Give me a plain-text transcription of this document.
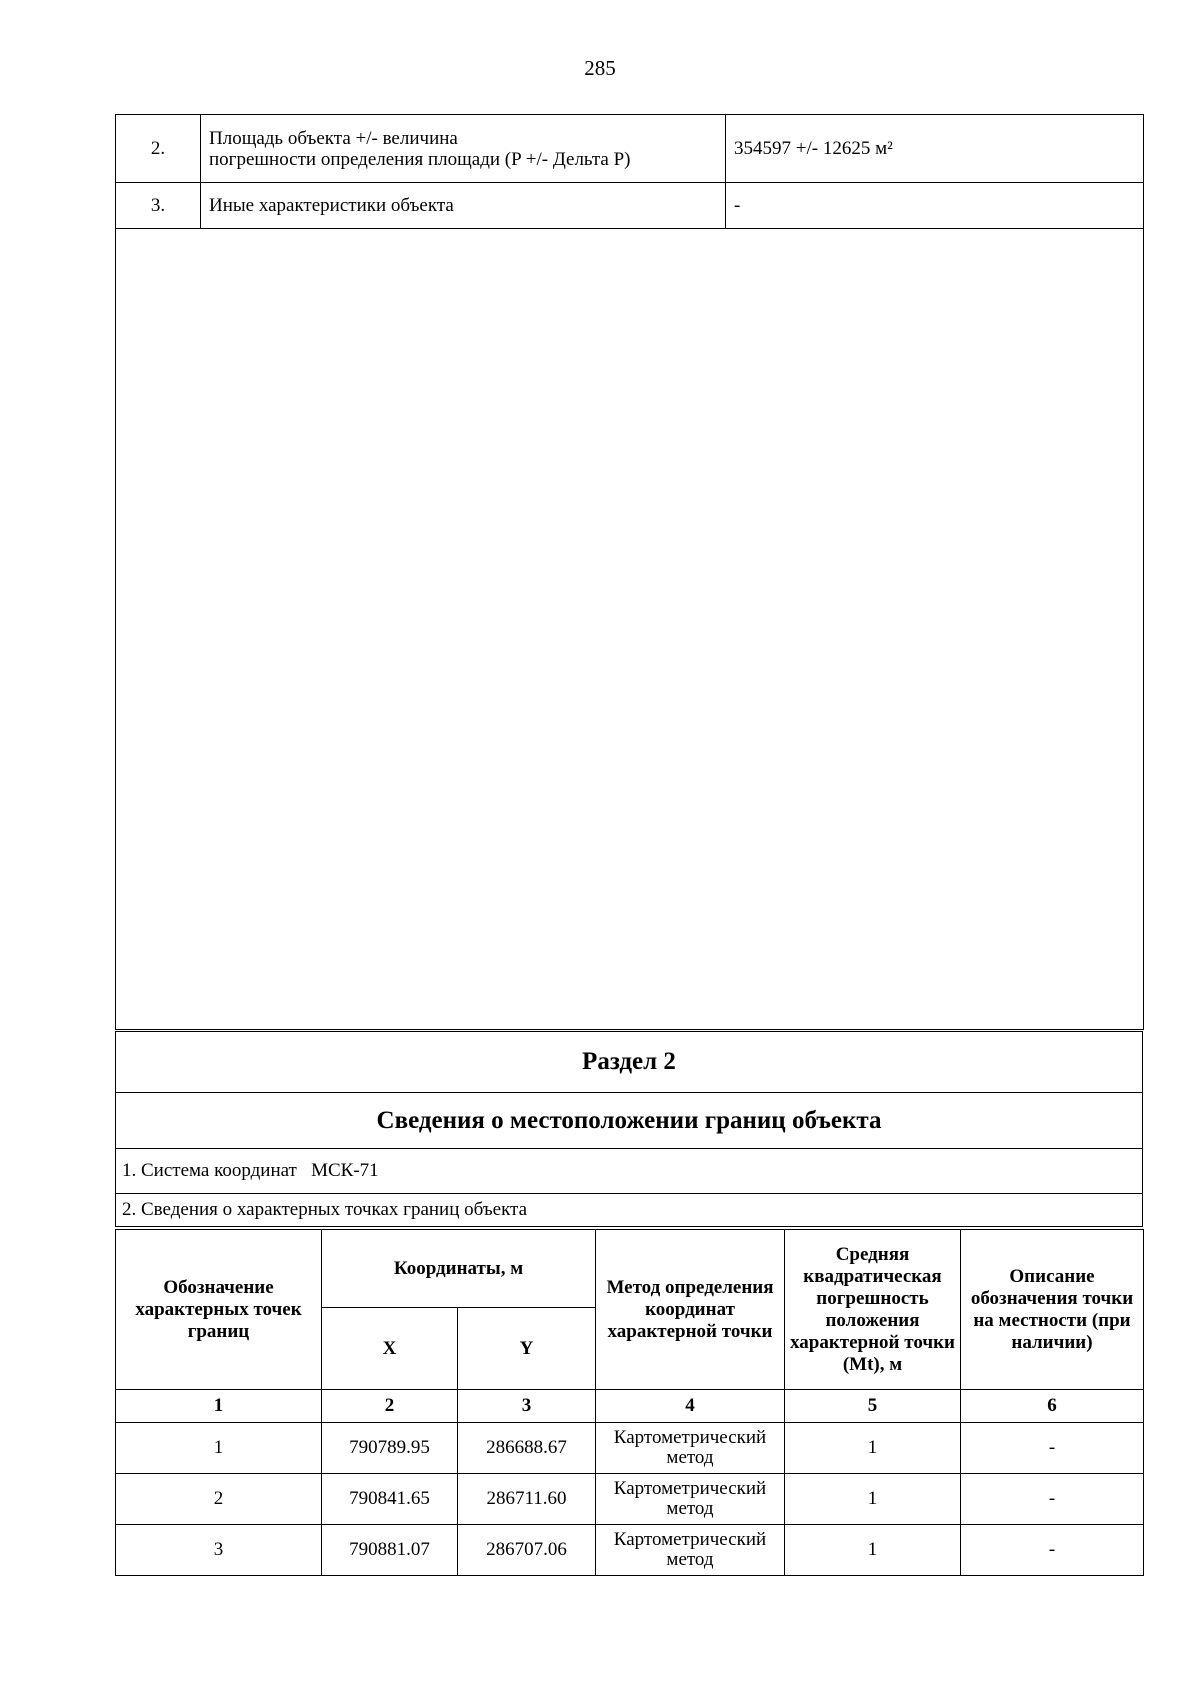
285
2.	Площадь объекта +/- величина
погрешности определения площади (P +/- Дельта P)	354597 +/- 12625 м²
3.	Иные характеристики объекта	-

Раздел 2
Сведения о местоположении границ объекта
1. Система координат МСК-71
2. Сведения о характерных точках границ объекта
Обозначение характерных точек границ	Координаты, м		Метод определения координат характерной точки	Средняя квадратическая погрешность положения характерной точки (Mt), м	Описание обозначения точки на местности (при наличии)
	X	Y			
1	2	3	4	5	6
1	790789.95	286688.67	Картометрический метод	1	-
2	790841.65	286711.60	Картометрический метод	1	-
3	790881.07	286707.06	Картометрический метод	1	-
